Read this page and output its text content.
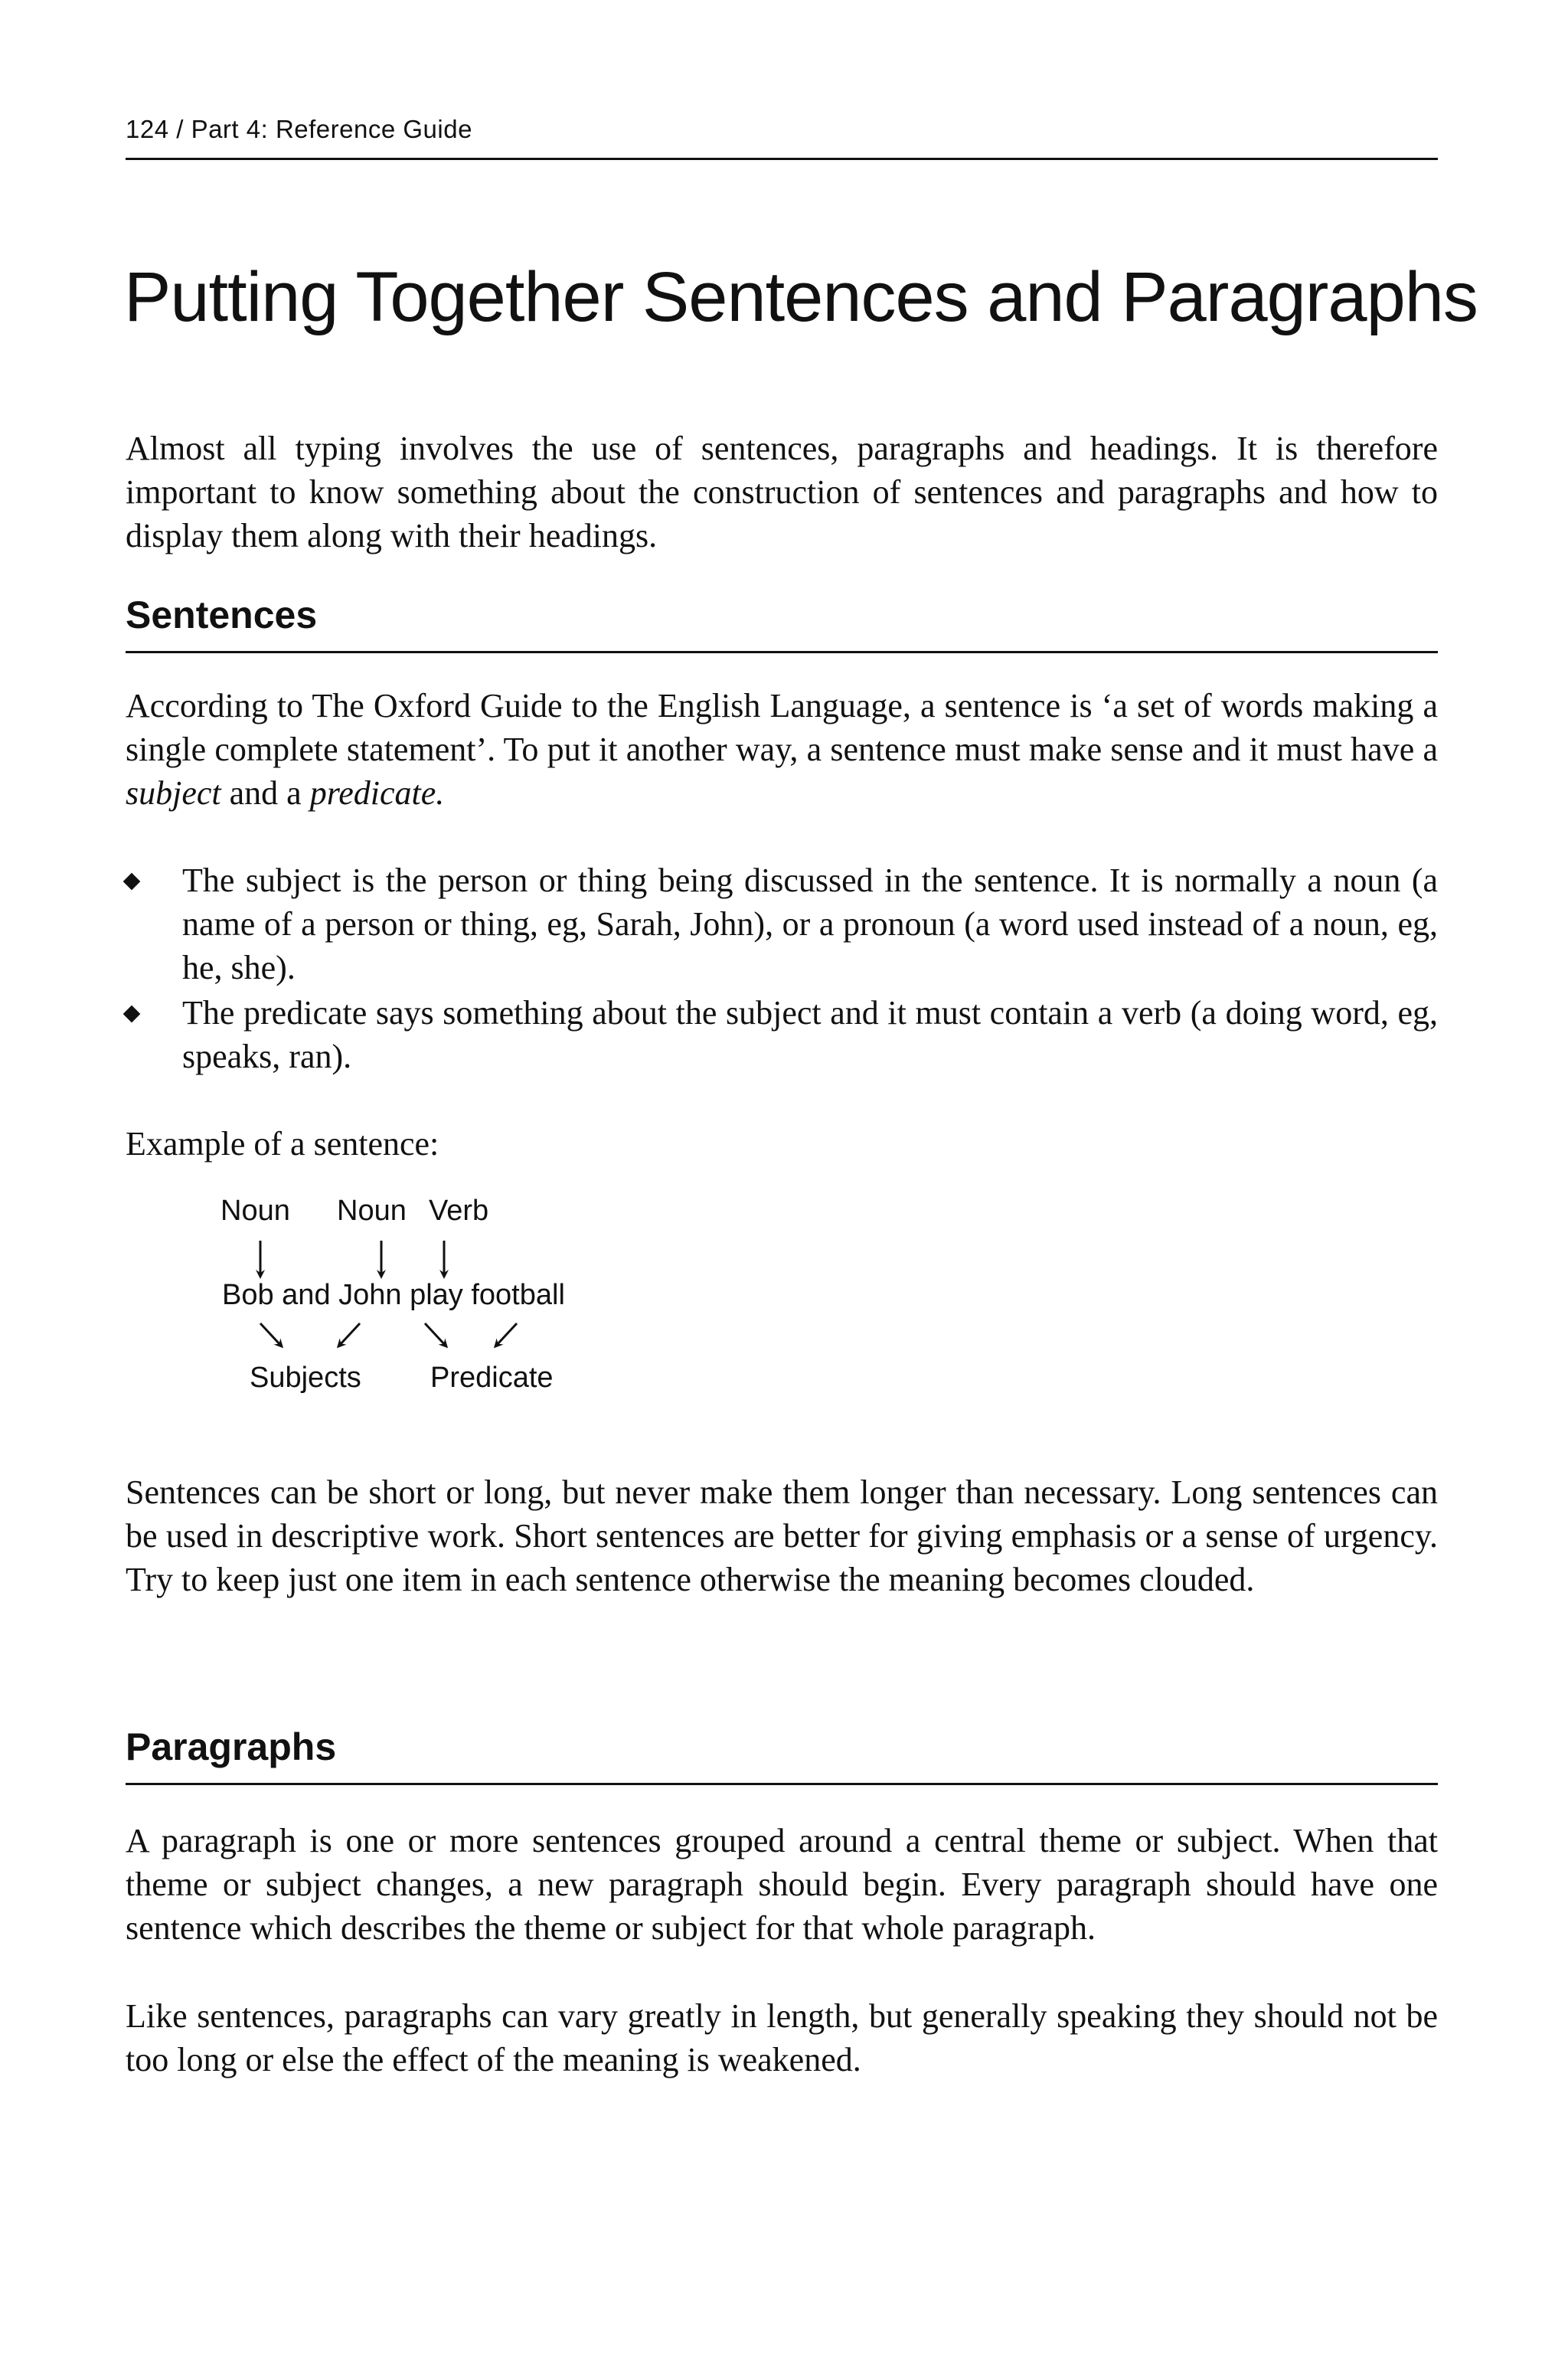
124 / Part 4: Reference Guide
Putting Together Sentences and Paragraphs

Almost all typing involves the use of sentences, paragraphs and headings. It is therefore important to know something about the construction of sentences and paragraphs and how to display them along with their headings.

Sentences

According to The Oxford Guide to the English Language, a sentence is ‘a set of words making a single complete statement’. To put it another way, a sentence must make sense and it must have a subject and a predicate.

The subject is the person or thing being discussed in the sentence. It is normally a noun (a name of a person or thing, eg, Sarah, John), or a pronoun (a word used instead of a noun, eg, he, she).
The predicate says something about the subject and it must contain a verb (a doing word, eg, speaks, ran).

Example of a sentence:

Noun Noun Verb
Bob and John play football
Subjects Predicate

Sentences can be short or long, but never make them longer than necessary. Long sentences can be used in descriptive work. Short sentences are better for giving emphasis or a sense of urgency. Try to keep just one item in each sentence otherwise the meaning becomes clouded.

Paragraphs

A paragraph is one or more sentences grouped around a central theme or subject. When that theme or subject changes, a new paragraph should begin. Every paragraph should have one sentence which describes the theme or subject for that whole paragraph.

Like sentences, paragraphs can vary greatly in length, but generally speaking they should not be too long or else the effect of the meaning is weakened.
